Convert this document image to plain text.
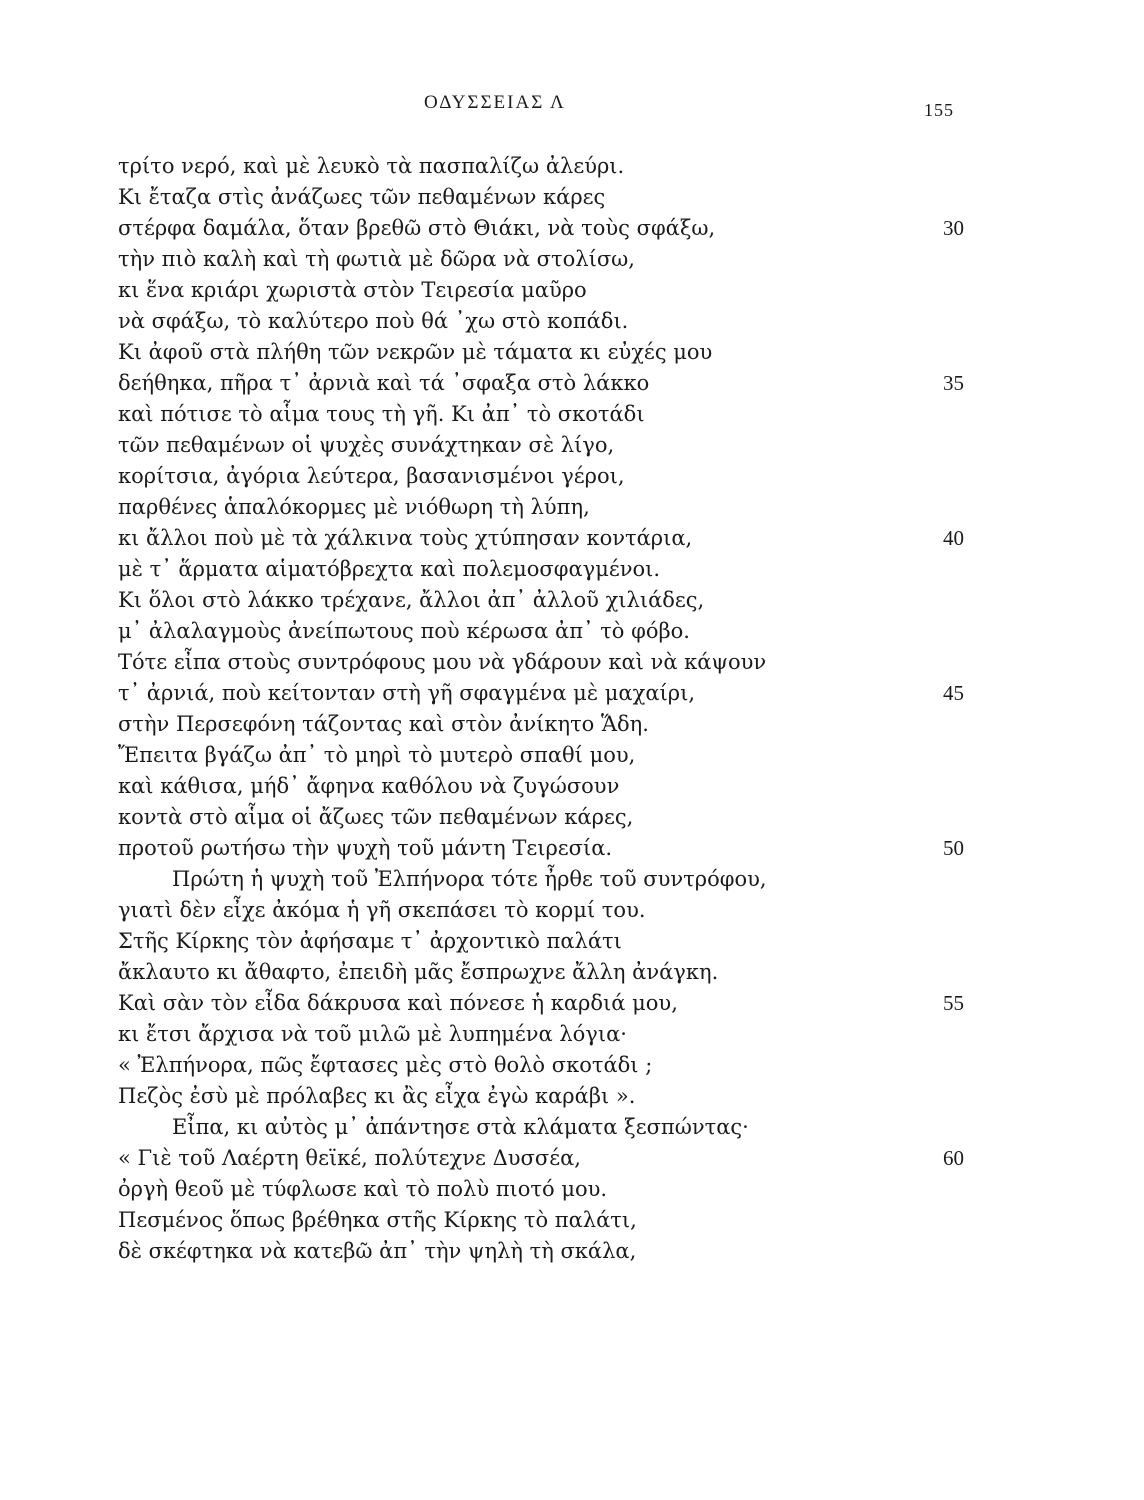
ΟΔΥΣΣΕΙΑΣ Λ	155
τρίτο νερό, καὶ μὲ λευκὸ τὰ πασπαλίζω ἀλεύρι.
Κι ἔταζα στὶς ἀνάζωες τῶν πεθαμένων κάρες
στέρφα δαμάλα, ὅταν βρεθῶ στὸ Θιάκι, νὰ τοὺς σφάξω,	30
τὴν πιὸ καλὴ καὶ τὴ φωτιὰ μὲ δῶρα νὰ στολίσω,
κι ἕνα κριάρι χωριστὰ στὸν Τειρεσία μαῦρο
νὰ σφάξω, τὸ καλύτερο ποὺ θά ᾽χω στὸ κοπάδι.
Κι ἀφοῦ στὰ πλήθη τῶν νεκρῶν μὲ τάματα κι εὐχές μου
δεήθηκα, πῆρα τ᾽ ἀρνιὰ καὶ τά ᾽σφαξα στὸ λάκκο	35
καὶ πότισε τὸ αἷμα τους τὴ γῆ. Κι ἀπ᾽ τὸ σκοτάδι
τῶν πεθαμένων οἱ ψυχὲς συνάχτηκαν σὲ λίγο,
κορίτσια, ἀγόρια λεύτερα, βασανισμένοι γέροι,
παρθένες ἁπαλόκορμες μὲ νιόθωρη τὴ λύπη,
κι ἄλλοι ποὺ μὲ τὰ χάλκινα τοὺς χτύπησαν κοντάρια,	40
μὲ τ᾽ ἅρματα αἱματόβρεχτα καὶ πολεμοσφαγμένοι.
Κι ὅλοι στὸ λάκκο τρέχανε, ἄλλοι ἀπ᾽ ἀλλοῦ χιλιάδες,
μ᾽ ἀλαλαγμοὺς ἀνείπωτους ποὺ κέρωσα ἀπ᾽ τὸ φόβο.
Τότε εἶπα στοὺς συντρόφους μου νὰ γδάρουν καὶ νὰ κάψουν
τ᾽ ἀρνιά, ποὺ κείτονταν στὴ γῆ σφαγμένα μὲ μαχαίρι,	45
στὴν Περσεφόνη τάζοντας καὶ στὸν ἀνίκητο Ἅδη.
Ἔπειτα βγάζω ἀπ᾽ τὸ μηρὶ τὸ μυτερὸ σπαθί μου,
καὶ κάθισα, μήδ᾽ ἄφηνα καθόλου νὰ ζυγώσουν
κοντὰ στὸ αἷμα οἱ ἄζωες τῶν πεθαμένων κάρες,
προτοῦ ρωτήσω τὴν ψυχὴ τοῦ μάντη Τειρεσία.	50
Πρώτη ἡ ψυχὴ τοῦ Ἐλπήνορα τότε ἦρθε τοῦ συντρόφου,
γιατὶ δὲν εἶχε ἀκόμα ἡ γῆ σκεπάσει τὸ κορμί του.
Στῆς Κίρκης τὸν ἀφήσαμε τ᾽ ἀρχοντικὸ παλάτι
ἄκλαυτο κι ἄθαφτο, ἐπειδὴ μᾶς ἔσπρωχνε ἄλλη ἀνάγκη.
Καὶ σὰν τὸν εἶδα δάκρυσα καὶ πόνεσε ἡ καρδιά μου,	55
κι ἔτσι ἄρχισα νὰ τοῦ μιλῶ μὲ λυπημένα λόγια·
« Ἐλπήνορα, πῶς ἔφτασες μὲς στὸ θολὸ σκοτάδι ;
Πεζὸς ἐσὺ μὲ πρόλαβες κι ἂς εἶχα ἐγὼ καράβι ».
Εἶπα, κι αὐτὸς μ᾽ ἀπάντησε στὰ κλάματα ξεσπώντας·
« Γιὲ τοῦ Λαέρτη θεϊκέ, πολύτεχνε Δυσσέα,	60
ὀργὴ θεοῦ μὲ τύφλωσε καὶ τὸ πολὺ πιοτό μου.
Πεσμένος ὅπως βρέθηκα στῆς Κίρκης τὸ παλάτι,
δὲ σκέφτηκα νὰ κατεβῶ ἀπ᾽ τὴν ψηλὴ τὴ σκάλα,
